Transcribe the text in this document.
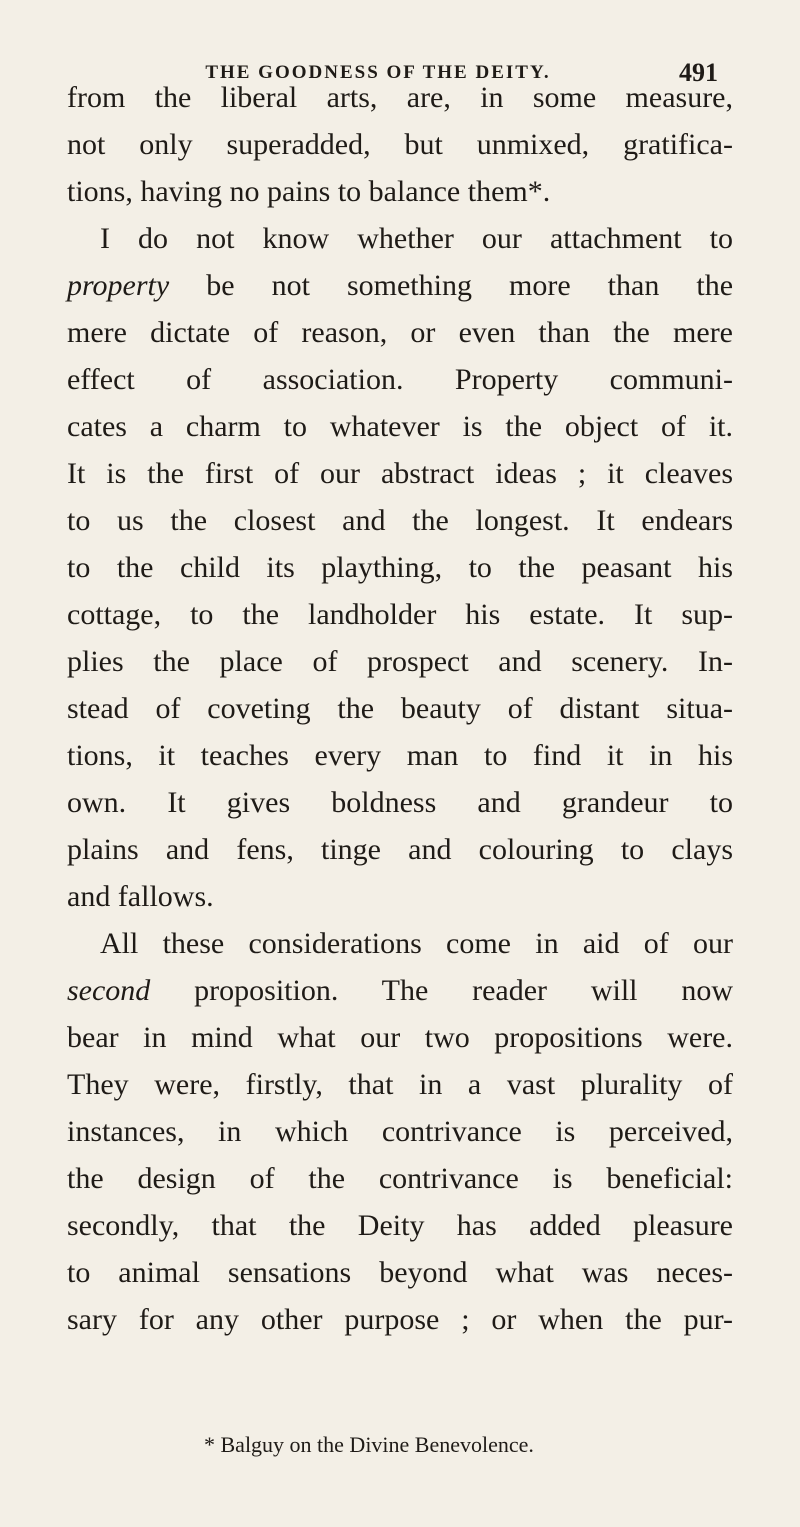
THE GOODNESS OF THE DEITY.	491
from the liberal arts, are, in some measure,
not only superadded, but unmixed, gratifica-
tions, having no pains to balance them*.
I do not know whether our attachment to
property be not something more than the
mere dictate of reason, or even than the mere
effect of association. Property communi-
cates a charm to whatever is the object of it.
It is the first of our abstract ideas ; it cleaves
to us the closest and the longest. It endears
to the child its plaything, to the peasant his
cottage, to the landholder his estate. It sup-
plies the place of prospect and scenery. In-
stead of coveting the beauty of distant situa-
tions, it teaches every man to find it in his
own. It gives boldness and grandeur to
plains and fens, tinge and colouring to clays
and fallows.
All these considerations come in aid of our
second proposition. The reader will now
bear in mind what our two propositions were.
They were, firstly, that in a vast plurality of
instances, in which contrivance is perceived,
the design of the contrivance is beneficial:
secondly, that the Deity has added pleasure
to animal sensations beyond what was neces-
sary for any other purpose ; or when the pur-
* Balguy on the Divine Benevolence.
